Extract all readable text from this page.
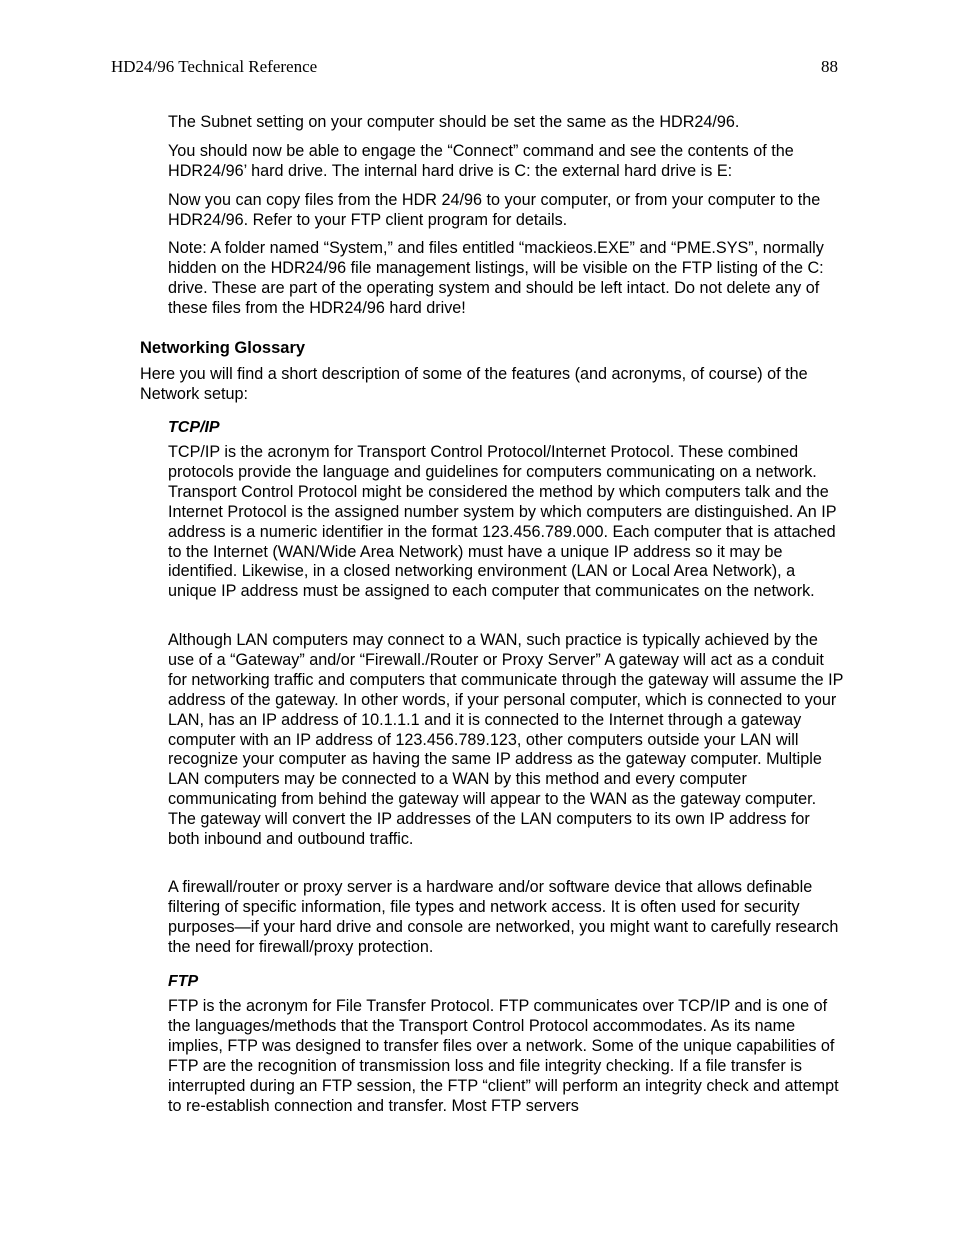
HD24/96 Technical Reference	88

The Subnet setting on your computer should be set the same as the HDR24/96.

You should now be able to engage the “Connect” command and see the contents of the HDR24/96’ hard drive. The internal hard drive is C: the external hard drive is E:

Now you can copy files from the HDR 24/96 to your computer, or from your computer to the HDR24/96. Refer to your FTP client program for details.

Note: A folder named “System,” and files entitled “mackieos.EXE” and “PME.SYS”, normally hidden on the HDR24/96 file management listings, will be visible on the FTP listing of the C: drive. These are part of the operating system and should be left intact. Do not delete any of these files from the HDR24/96 hard drive!

Networking Glossary

Here you will find a short description of some of the features (and acronyms, of course) of the Network setup:

TCP/IP

TCP/IP is the acronym for Transport Control Protocol/Internet Protocol. These combined protocols provide the language and guidelines for computers communicating on a network. Transport Control Protocol might be considered the method by which computers talk and the Internet Protocol is the assigned number system by which computers are distinguished. An IP address is a numeric identifier in the format 123.456.789.000. Each computer that is attached to the Internet (WAN/Wide Area Network) must have a unique IP address so it may be identified. Likewise, in a closed networking environment (LAN or Local Area Network), a unique IP address must be assigned to each computer that communicates on the network.

Although LAN computers may connect to a WAN, such practice is typically achieved by the use of a “Gateway” and/or “Firewall./Router or Proxy Server” A gateway will act as a conduit for networking traffic and computers that communicate through the gateway will assume the IP address of the gateway. In other words, if your personal computer, which is connected to your LAN, has an IP address of 10.1.1.1 and it is connected to the Internet through a gateway computer with an IP address of 123.456.789.123, other computers outside your LAN will recognize your computer as having the same IP address as the gateway computer. Multiple LAN computers may be connected to a WAN by this method and every computer communicating from behind the gateway will appear to the WAN as the gateway computer. The gateway will convert the IP addresses of the LAN computers to its own IP address for both inbound and outbound traffic.

A firewall/router or proxy server is a hardware and/or software device that allows definable filtering of specific information, file types and network access. It is often used for security purposes—if your hard drive and console are networked, you might want to carefully research the need for firewall/proxy protection.

FTP

FTP is the acronym for File Transfer Protocol. FTP communicates over TCP/IP and is one of the languages/methods that the Transport Control Protocol accommodates. As its name implies, FTP was designed to transfer files over a network. Some of the unique capabilities of FTP are the recognition of transmission loss and file integrity checking. If a file transfer is interrupted during an FTP session, the FTP “client” will perform an integrity check and attempt to re-establish connection and transfer. Most FTP servers
